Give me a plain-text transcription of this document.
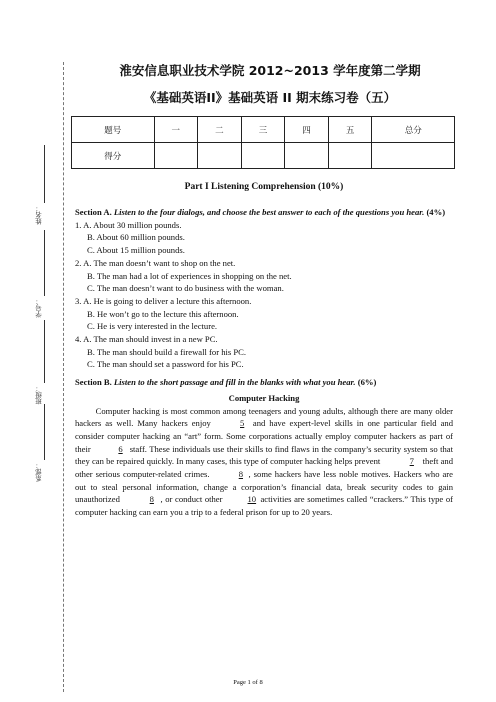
姓名：
学号：
班级：
系部：
淮安信息职业技术学院 2012~2013 学年度第二学期
《基础英语II》基础英语 II 期末练习卷（五）
题号	一	二	三	四	五	总分
得分						
Part I Listening Comprehension (10%)
Section A. Listen to the four dialogs, and choose the best answer to each of the questions you hear. (4%)
1. A. About 30 million pounds.
B. About 60 million pounds.
C. About 15 million pounds.
2. A. The man doesn’t want to shop on the net.
B. The man had a lot of experiences in shopping on the net.
C. The man doesn’t want to do business with the woman.
3. A. He is going to deliver a lecture this afternoon.
B. He won’t go to the lecture this afternoon.
C. He is very interested in the lecture.
4. A. The man should invest in a new PC.
B. The man should build a firewall for his PC.
C. The man should set a password for his PC.
Section B. Listen to the short passage and fill in the blanks with what you hear. (6%)
Computer Hacking
Computer hacking is most common among teenagers and young adults, although there are many older hackers as well. Many hackers enjoy	5 and have expert-level skills in one particular field and consider computer hacking an “art” form. Some corporations actually employ computer hackers as part of their	6 staff. These individuals use their skills to find flaws in the company’s security system so that they can be repaired quickly. In many cases, this type of computer hacking helps prevent	7 theft and other serious computer-related crimes.	8 , some hackers have less noble motives. Hackers who are out to steal personal information, change a corporation’s financial data, break security codes to gain unauthorized	8 , or conduct other	10 activities are sometimes called “crackers.” This type of computer hacking can earn you a trip to a federal prison for up to 20 years.
Page 1 of 8
